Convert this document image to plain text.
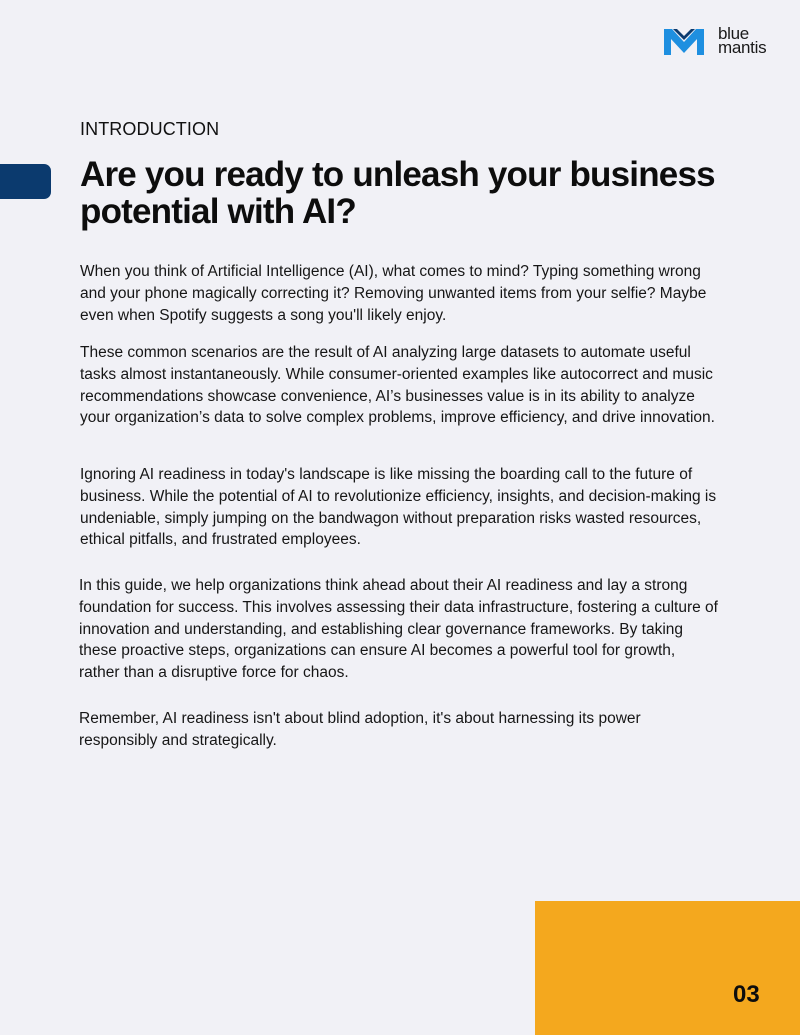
blue
mantis
INTRODUCTION
Are you ready to unleash your business potential with AI?

When you think of Artificial Intelligence (AI), what comes to mind? Typing something wrong and your phone magically correcting it? Removing unwanted items from your selfie? Maybe even when Spotify suggests a song you'll likely enjoy.

These common scenarios are the result of AI analyzing large datasets to automate useful tasks almost instantaneously. While consumer-oriented examples like autocorrect and music recommendations showcase convenience, AI’s businesses value is in its ability to analyze your organization’s data to solve complex problems, improve efficiency, and drive innovation.

Ignoring AI readiness in today's landscape is like missing the boarding call to the future of business. While the potential of AI to revolutionize efficiency, insights, and decision-making is undeniable, simply jumping on the bandwagon without preparation risks wasted resources, ethical pitfalls, and frustrated employees.

In this guide, we help organizations think ahead about their AI readiness and lay a strong foundation for success. This involves assessing their data infrastructure, fostering a culture of innovation and understanding, and establishing clear governance frameworks. By taking these proactive steps, organizations can ensure AI becomes a powerful tool for growth, rather than a disruptive force for chaos.

Remember, AI readiness isn't about blind adoption, it's about harnessing its power responsibly and strategically.

03
